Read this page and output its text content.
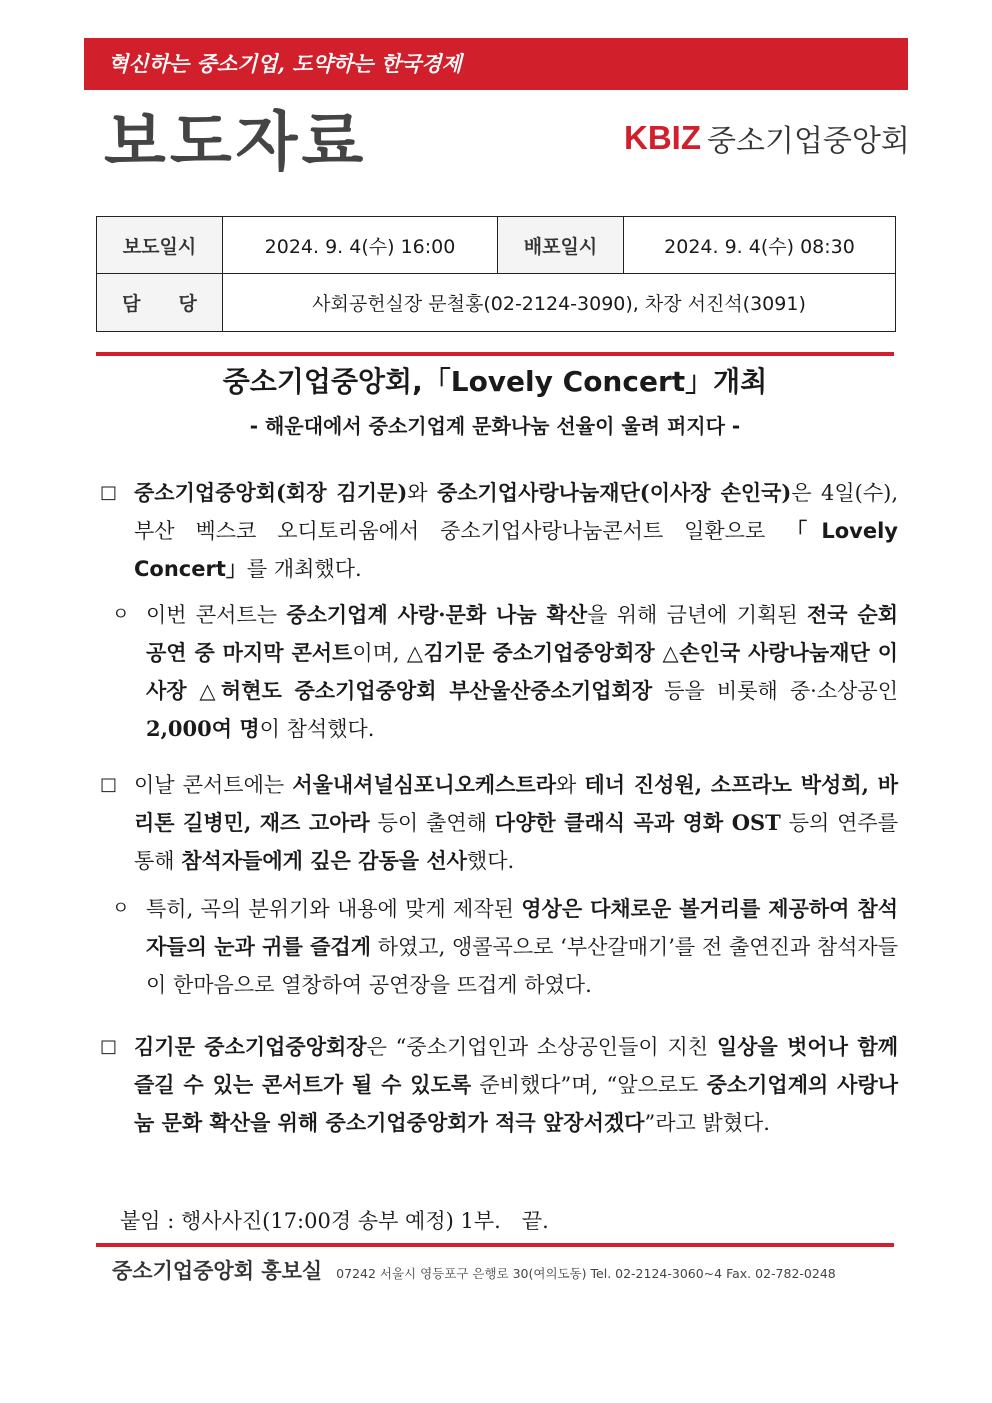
혁신하는 중소기업, 도약하는 한국경제
보도자료	KBIZ 중소기업중앙회
보도일시	2024. 9. 4(수) 16:00	배포일시	2024. 9. 4(수) 08:30
담　　당	사회공헌실장 문철홍(02-2124-3090), 차장 서진석(3091)		
중소기업중앙회,「Lovely Concert」개최
- 해운대에서 중소기업계 문화나눔 선율이 울려 퍼지다 -
□ 중소기업중앙회(회장 김기문)와 중소기업사랑나눔재단(이사장 손인국)은 4일(수), 부산 벡스코 오디토리움에서 중소기업사랑나눔콘서트 일환으로 「Lovely Concert」를 개최했다.
ㅇ 이번 콘서트는 중소기업계 사랑·문화 나눔 확산을 위해 금년에 기획된 전국 순회 공연 중 마지막 콘서트이며, △김기문 중소기업중앙회장 △손인국 사랑나눔재단 이사장 △허현도 중소기업중앙회 부산울산중소기업회장 등을 비롯해 중·소상공인 2,000여 명이 참석했다.
□ 이날 콘서트에는 서울내셔널심포니오케스트라와 테너 진성원, 소프라노 박성희, 바리톤 길병민, 재즈 고아라 등이 출연해 다양한 클래식 곡과 영화 OST 등의 연주를 통해 참석자들에게 깊은 감동을 선사했다.
ㅇ 특히, 곡의 분위기와 내용에 맞게 제작된 영상은 다채로운 볼거리를 제공하여 참석자들의 눈과 귀를 즐겁게 하였고, 앵콜곡으로 ‘부산갈매기’를 전 출연진과 참석자들이 한마음으로 열창하여 공연장을 뜨겁게 하였다.
□ 김기문 중소기업중앙회장은 “중소기업인과 소상공인들이 지친 일상을 벗어나 함께 즐길 수 있는 콘서트가 될 수 있도록 준비했다”며, “앞으로도 중소기업계의 사랑나눔 문화 확산을 위해 중소기업중앙회가 적극 앞장서겠다”라고 밝혔다.
붙임 : 행사사진(17:00경 송부 예정) 1부.　끝.
중소기업중앙회 홍보실 07242 서울시 영등포구 은행로 30(여의도동) Tel. 02-2124-3060~4 Fax. 02-782-0248
